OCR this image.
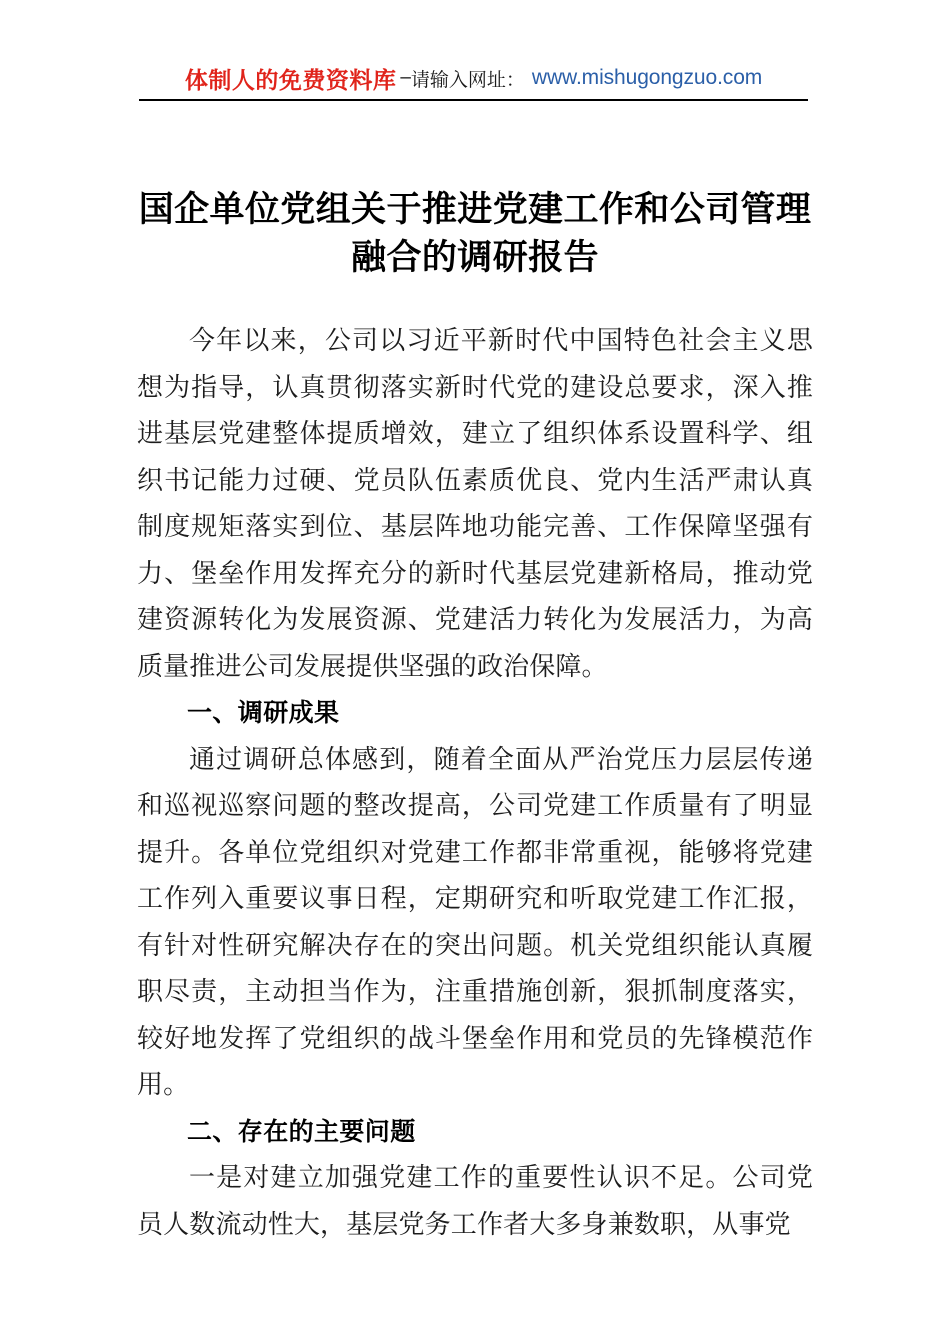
体制人的免费资料库 – 请输入网址： www.mishugongzuo.com
国企单位党组关于推进党建工作和公司管理融合的调研报告

今年以来，公司以习近平新时代中国特色社会主义思想为指导，认真贯彻落实新时代党的建设总要求，深入推进基层党建整体提质增效，建立了组织体系设置科学、组织书记能力过硬、党员队伍素质优良、党内生活严肃认真制度规矩落实到位、基层阵地功能完善、工作保障坚强有力、堡垒作用发挥充分的新时代基层党建新格局，推动党建资源转化为发展资源、党建活力转化为发展活力，为高质量推进公司发展提供坚强的政治保障。

一、调研成果

通过调研总体感到，随着全面从严治党压力层层传递和巡视巡察问题的整改提高，公司党建工作质量有了明显提升。各单位党组织对党建工作都非常重视，能够将党建工作列入重要议事日程，定期研究和听取党建工作汇报，有针对性研究解决存在的突出问题。机关党组织能认真履职尽责，主动担当作为，注重措施创新，狠抓制度落实，较好地发挥了党组织的战斗堡垒作用和党员的先锋模范作用。

二、存在的主要问题

一是对建立加强党建工作的重要性认识不足。公司党员人数流动性大，基层党务工作者大多身兼数职，从事党
